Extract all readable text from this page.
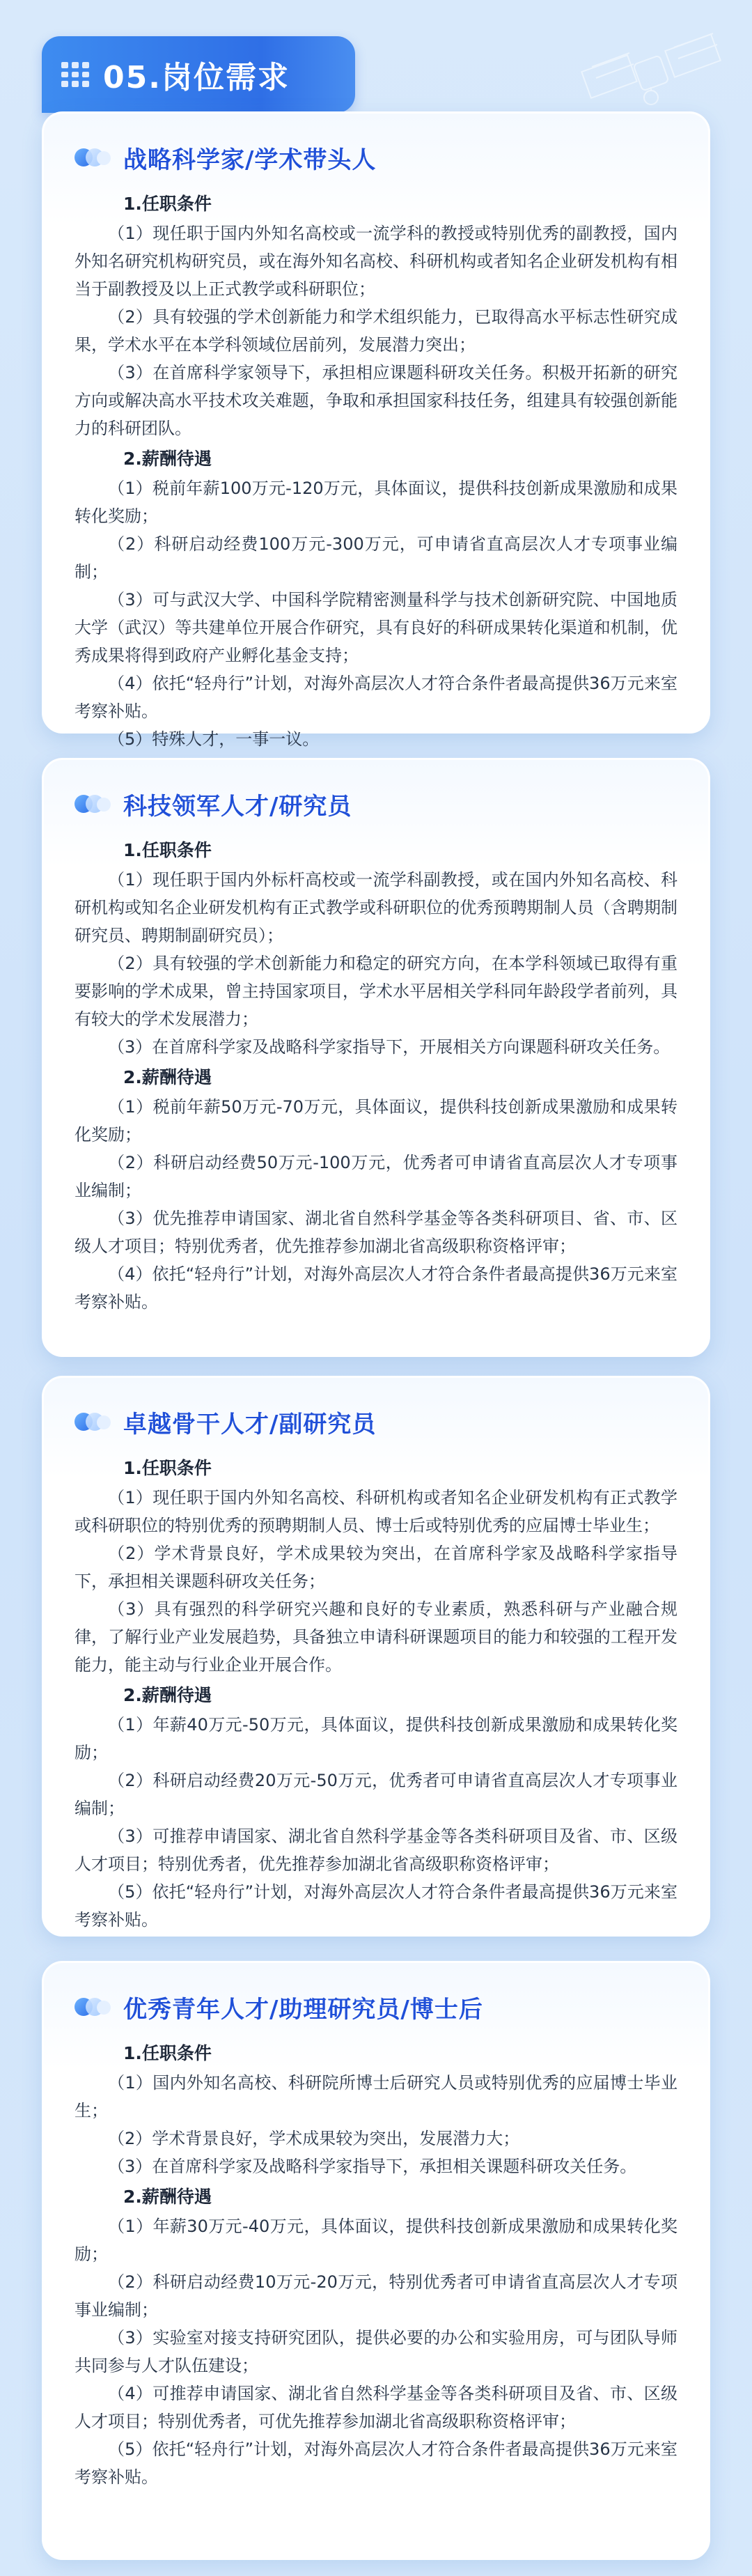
05.岗位需求
战略科学家/学术带头人
1.任职条件

（1）现任职于国内外知名高校或一流学科的教授或特别优秀的副教授，国内外知名研究机构研究员，或在海外知名高校、科研机构或者知名企业研发机构有相当于副教授及以上正式教学或科研职位；

（2）具有较强的学术创新能力和学术组织能力，已取得高水平标志性研究成果，学术水平在本学科领域位居前列，发展潜力突出；

（3）在首席科学家领导下，承担相应课题科研攻关任务。积极开拓新的研究方向或解决高水平技术攻关难题，争取和承担国家科技任务，组建具有较强创新能力的科研团队。

2.薪酬待遇

（1）税前年薪100万元-120万元，具体面议，提供科技创新成果激励和成果转化奖励；

（2）科研启动经费100万元-300万元，可申请省直高层次人才专项事业编制；

（3）可与武汉大学、中国科学院精密测量科学与技术创新研究院、中国地质大学（武汉）等共建单位开展合作研究，具有良好的科研成果转化渠道和机制，优秀成果将得到政府产业孵化基金支持；

（4）依托“轻舟行”计划，对海外高层次人才符合条件者最高提供36万元来室考察补贴。

（5）特殊人才，一事一议。

科技领军人才/研究员
1.任职条件

（1）现任职于国内外标杆高校或一流学科副教授，或在国内外知名高校、科研机构或知名企业研发机构有正式教学或科研职位的优秀预聘期制人员（含聘期制研究员、聘期制副研究员）；

（2）具有较强的学术创新能力和稳定的研究方向，在本学科领域已取得有重要影响的学术成果，曾主持国家项目，学术水平居相关学科同年龄段学者前列，具有较大的学术发展潜力；

（3）在首席科学家及战略科学家指导下，开展相关方向课题科研攻关任务。

2.薪酬待遇

（1）税前年薪50万元-70万元，具体面议，提供科技创新成果激励和成果转化奖励；

（2）科研启动经费50万元-100万元，优秀者可申请省直高层次人才专项事业编制；

（3）优先推荐申请国家、湖北省自然科学基金等各类科研项目、省、市、区级人才项目；特别优秀者，优先推荐参加湖北省高级职称资格评审；

（4）依托“轻舟行”计划，对海外高层次人才符合条件者最高提供36万元来室考察补贴。

卓越骨干人才/副研究员
1.任职条件

（1）现任职于国内外知名高校、科研机构或者知名企业研发机构有正式教学或科研职位的特别优秀的预聘期制人员、博士后或特别优秀的应届博士毕业生；

（2）学术背景良好，学术成果较为突出，在首席科学家及战略科学家指导下，承担相关课题科研攻关任务；

（3）具有强烈的科学研究兴趣和良好的专业素质，熟悉科研与产业融合规律，了解行业产业发展趋势，具备独立申请科研课题项目的能力和较强的工程开发能力，能主动与行业企业开展合作。

2.薪酬待遇

（1）年薪40万元-50万元，具体面议，提供科技创新成果激励和成果转化奖励；

（2）科研启动经费20万元-50万元，优秀者可申请省直高层次人才专项事业编制；

（3）可推荐申请国家、湖北省自然科学基金等各类科研项目及省、市、区级人才项目；特别优秀者，优先推荐参加湖北省高级职称资格评审；

（5）依托“轻舟行”计划，对海外高层次人才符合条件者最高提供36万元来室考察补贴。

优秀青年人才/助理研究员/博士后
1.任职条件

（1）国内外知名高校、科研院所博士后研究人员或特别优秀的应届博士毕业生；

（2）学术背景良好，学术成果较为突出，发展潜力大；

（3）在首席科学家及战略科学家指导下，承担相关课题科研攻关任务。

2.薪酬待遇

（1）年薪30万元-40万元，具体面议，提供科技创新成果激励和成果转化奖励；

（2）科研启动经费10万元-20万元，特别优秀者可申请省直高层次人才专项事业编制；

（3）实验室对接支持研究团队，提供必要的办公和实验用房，可与团队导师共同参与人才队伍建设；

（4）可推荐申请国家、湖北省自然科学基金等各类科研项目及省、市、区级人才项目；特别优秀者，可优先推荐参加湖北省高级职称资格评审；

（5）依托“轻舟行”计划，对海外高层次人才符合条件者最高提供36万元来室考察补贴。
